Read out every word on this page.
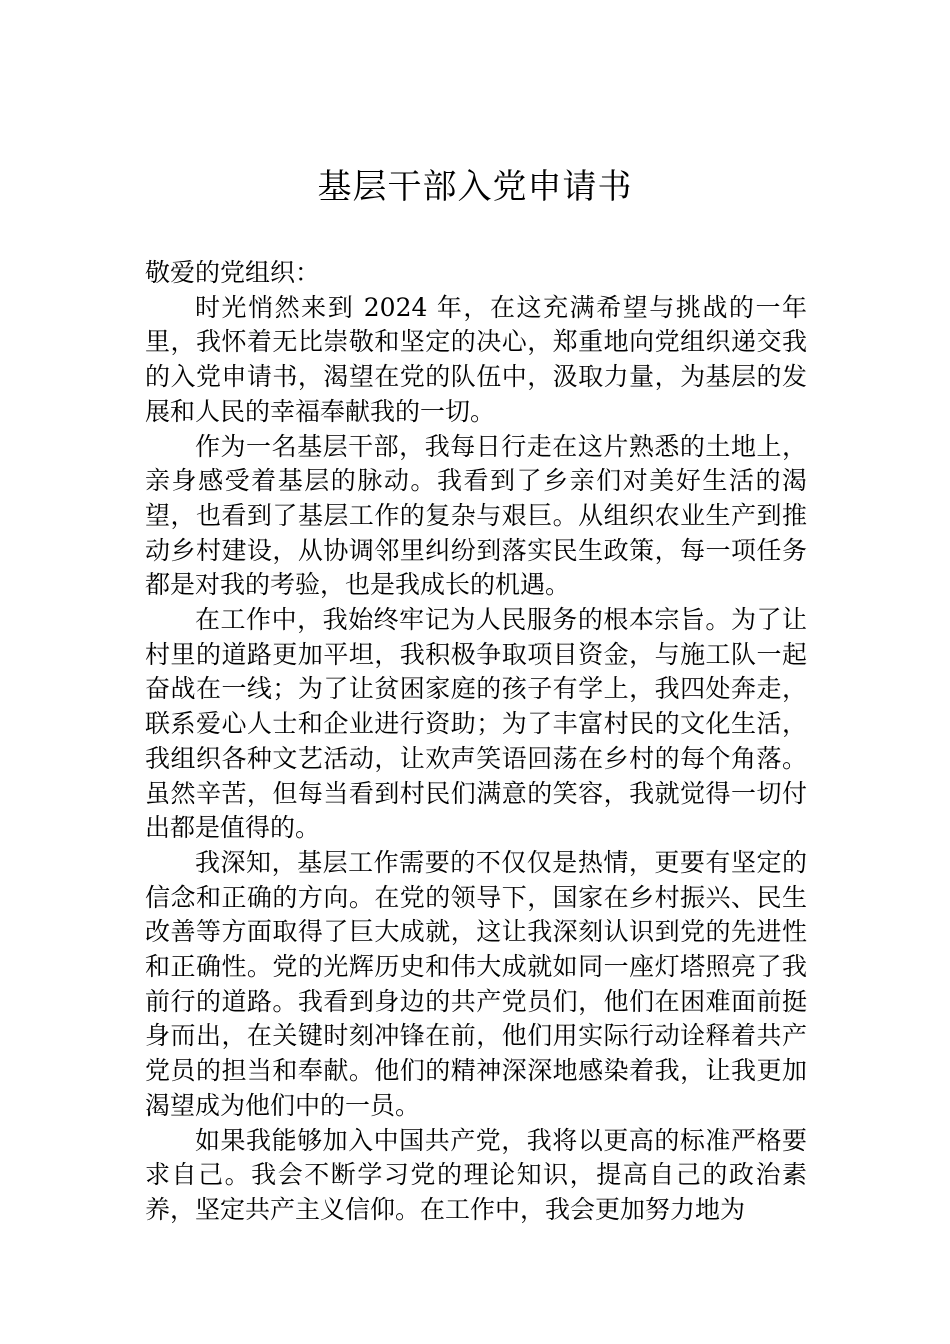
基层干部入党申请书

敬爱的党组织：

时光悄然来到 2024 年，在这充满希望与挑战的一年里，我怀着无比崇敬和坚定的决心，郑重地向党组织递交我的入党申请书，渴望在党的队伍中，汲取力量，为基层的发展和人民的幸福奉献我的一切。

作为一名基层干部，我每日行走在这片熟悉的土地上，亲身感受着基层的脉动。我看到了乡亲们对美好生活的渴望，也看到了基层工作的复杂与艰巨。从组织农业生产到推动乡村建设，从协调邻里纠纷到落实民生政策，每一项任务都是对我的考验，也是我成长的机遇。

在工作中，我始终牢记为人民服务的根本宗旨。为了让村里的道路更加平坦，我积极争取项目资金，与施工队一起奋战在一线；为了让贫困家庭的孩子有学上，我四处奔走，联系爱心人士和企业进行资助；为了丰富村民的文化生活，我组织各种文艺活动，让欢声笑语回荡在乡村的每个角落。虽然辛苦，但每当看到村民们满意的笑容，我就觉得一切付出都是值得的。

我深知，基层工作需要的不仅仅是热情，更要有坚定的信念和正确的方向。在党的领导下，国家在乡村振兴、民生改善等方面取得了巨大成就，这让我深刻认识到党的先进性和正确性。党的光辉历史和伟大成就如同一座灯塔照亮了我前行的道路。我看到身边的共产党员们，他们在困难面前挺身而出，在关键时刻冲锋在前，他们用实际行动诠释着共产党员的担当和奉献。他们的精神深深地感染着我，让我更加渴望成为他们中的一员。

如果我能够加入中国共产党，我将以更高的标准严格要求自己。我会不断学习党的理论知识，提高自己的政治素养，坚定共产主义信仰。在工作中，我会更加努力地为
